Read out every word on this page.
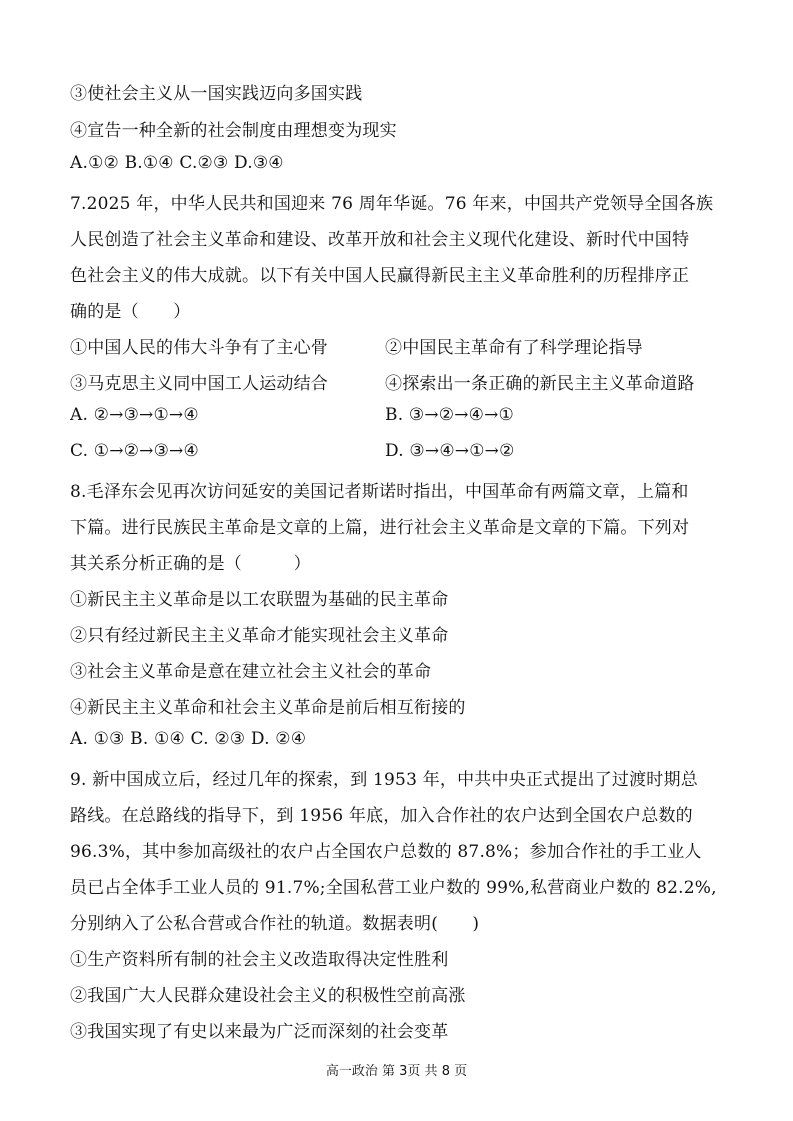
③使社会主义从一国实践迈向多国实践
④宣告一种全新的社会制度由理想变为现实
A.①② B.①④ C.②③ D.③④
7.2025 年，中华人民共和国迎来 76 周年华诞。76 年来，中国共产党领导全国各族
人民创造了社会主义革命和建设、改革开放和社会主义现代化建设、新时代中国特
色社会主义的伟大成就。以下有关中国人民赢得新民主主义革命胜利的历程排序正
确的是（　　）
①中国人民的伟大斗争有了主心骨	②中国民主革命有了科学理论指导
③马克思主义同中国工人运动结合	④探索出一条正确的新民主主义革命道路
A. ②→③→①→④	B. ③→②→④→①
C. ①→②→③→④	D. ③→④→①→②
8.毛泽东会见再次访问延安的美国记者斯诺时指出，中国革命有两篇文章，上篇和
下篇。进行民族民主革命是文章的上篇，进行社会主义革命是文章的下篇。下列对
其关系分析正确的是（　　　）
①新民主主义革命是以工农联盟为基础的民主革命
②只有经过新民主主义革命才能实现社会主义革命
③社会主义革命是意在建立社会主义社会的革命
④新民主主义革命和社会主义革命是前后相互衔接的
A. ①③ B. ①④ C. ②③ D. ②④
9. 新中国成立后，经过几年的探索，到 1953 年，中共中央正式提出了过渡时期总
路线。在总路线的指导下，到 1956 年底，加入合作社的农户达到全国农户总数的
96.3%，其中参加高级社的农户占全国农户总数的 87.8%；参加合作社的手工业人
员已占全体手工业人员的 91.7%;全国私营工业户数的 99%,私营商业户数的 82.2%,
分别纳入了公私合营或合作社的轨道。数据表明(　　)
①生产资料所有制的社会主义改造取得决定性胜利
②我国广大人民群众建设社会主义的积极性空前高涨
③我国实现了有史以来最为广泛而深刻的社会变革
高一政治 第 3页 共 8 页
